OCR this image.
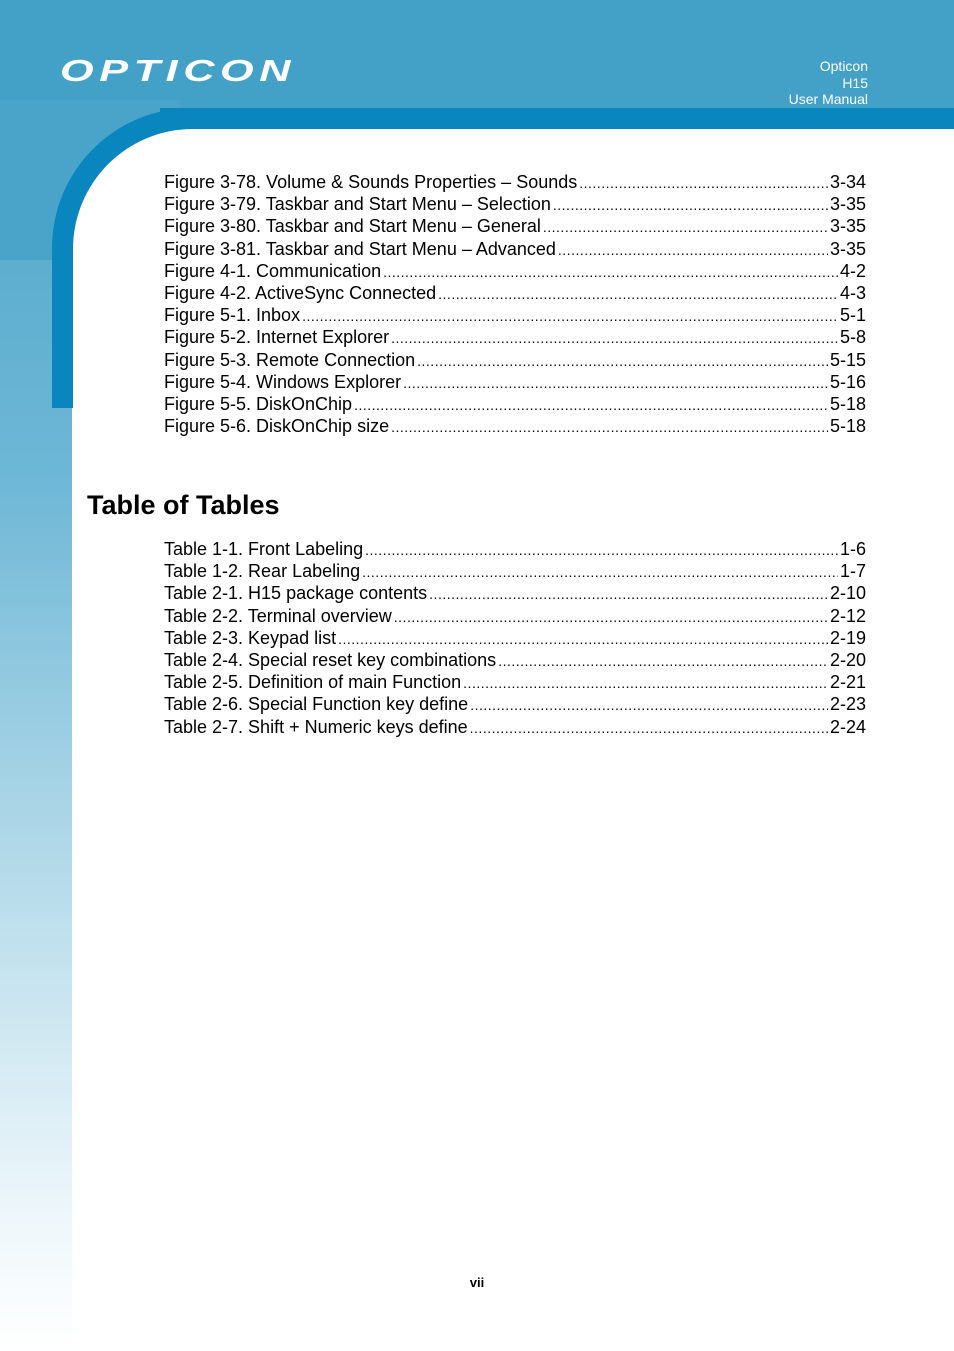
OPTICON	Opticon
H15
User Manual
Figure 3-78. Volume & Sounds Properties – Sounds .....	3-34
Figure 3-79. Taskbar and Start Menu – Selection .....	3-35
Figure 3-80. Taskbar and Start Menu – General .....	3-35
Figure 3-81. Taskbar and Start Menu – Advanced .....	3-35
Figure 4-1. Communication .....	4-2
Figure 4-2. ActiveSync Connected .....	4-3
Figure 5-1. Inbox .....	5-1
Figure 5-2. Internet Explorer .....	5-8
Figure 5-3. Remote Connection .....	5-15
Figure 5-4. Windows Explorer .....	5-16
Figure 5-5. DiskOnChip .....	5-18
Figure 5-6. DiskOnChip size .....	5-18
Table of Tables
Table 1-1. Front Labeling .....	1-6
Table 1-2. Rear Labeling .....	1-7
Table 2-1. H15 package contents .....	2-10
Table 2-2. Terminal overview .....	2-12
Table 2-3. Keypad list .....	2-19
Table 2-4. Special reset key combinations .....	2-20
Table 2-5. Definition of main Function .....	2-21
Table 2-6. Special Function key define .....	2-23
Table 2-7. Shift + Numeric keys define .....	2-24
vii
